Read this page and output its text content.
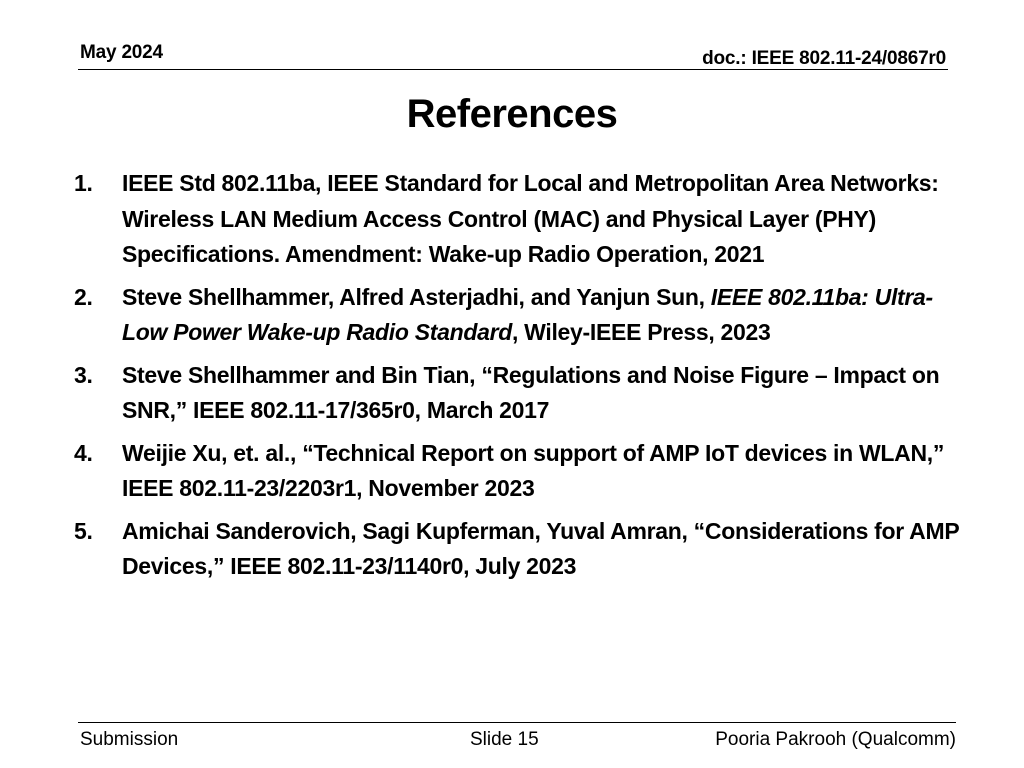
May 2024	doc.: IEEE 802.11-24/0867r0
References
1. IEEE Std 802.11ba, IEEE Standard for Local and Metropolitan Area Networks: Wireless LAN Medium Access Control (MAC) and Physical Layer (PHY) Specifications. Amendment: Wake-up Radio Operation, 2021
2. Steve Shellhammer, Alfred Asterjadhi, and Yanjun Sun, IEEE 802.11ba: Ultra-Low Power Wake-up Radio Standard, Wiley-IEEE Press, 2023
3. Steve Shellhammer and Bin Tian, “Regulations and Noise Figure – Impact on SNR,” IEEE 802.11-17/365r0, March 2017
4. Weijie Xu, et. al., “Technical Report on support of AMP IoT devices in WLAN,” IEEE 802.11-23/2203r1, November 2023
5. Amichai Sanderovich, Sagi Kupferman, Yuval Amran, “Considerations for AMP Devices,” IEEE 802.11-23/1140r0, July 2023
Submission	Slide 15	Pooria Pakrooh (Qualcomm)
